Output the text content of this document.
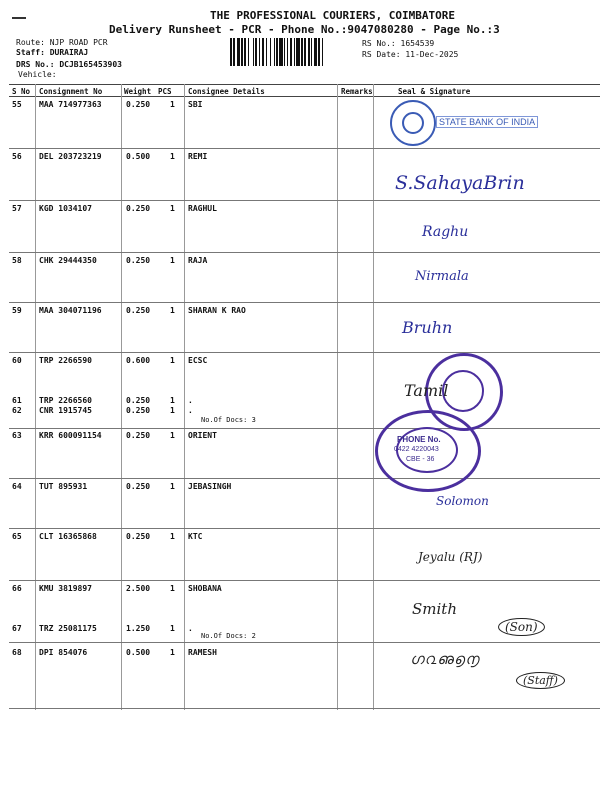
THE PROFESSIONAL COURIERS, COIMBATORE
Delivery Runsheet - PCR - Phone No.:9047080280 - Page No.:3
Route: NJP ROAD PCR
Staff: DURAIRAJ
DRS No.: DCJB165453903
Vehicle:
RS No.: 1654539
RS Date: 11-Dec-2025
S No Consignment No	Weight PCS Consignee Details	Remarks	Seal & Signature
55 MAA 714977363	0.250 1 SBI
56 DEL 203723219	0.500 1 REMI
57 KGD 1034107	0.250 1 RAGHUL
58 CHK 29444350	0.250 1 RAJA
59 MAA 304071196	0.250 1 SHARAN K RAO
60 TRP 2266590	0.600 1 ECSC
61 TRP 2266560	0.250 1 .
62 CNR 1915745	0.250 1 .
63 KRR 600091154	0.250 1 ORIENT
64 TUT 895931	0.250 1 JEBASINGH
65 CLT 16365868	0.250 1 KTC
66 KMU 3819897	2.500 1 SHOBANA
67 TRZ 25081175	1.250 1 .
68 DPI 854076	0.500 1 RAMESH
No.Of Docs: 3
No.Of Docs: 2
STATE BANK OF INDIA
PHONE No.
0422 4220043
CBE - 36
S.SahayaBrin
Raghu
Nirmala
Bruhn
Tamil
Solomon
Jeyalu (RJ)
Smith
(Son)
ഗ൨ഌ൭൱
(Staff)
